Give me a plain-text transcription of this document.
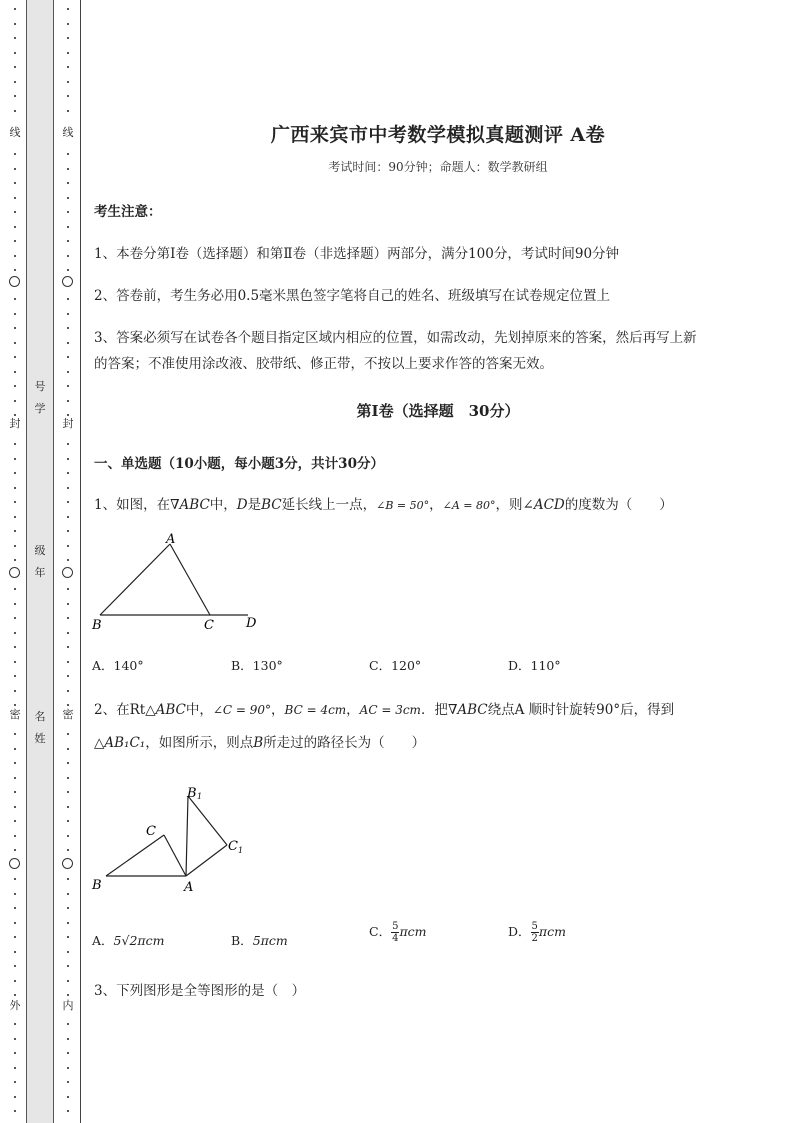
线
封
密
外
线
封
密
内
号学
级年
名姓
广西来宾市中考数学模拟真题测评 A卷
考试时间：90分钟；命题人：数学教研组
考生注意：
1、本卷分第I卷（选择题）和第Ⅱ卷（非选择题）两部分，满分100分，考试时间90分钟
2、答卷前，考生务必用0.5毫米黑色签字笔将自己的姓名、班级填写在试卷规定位置上
3、答案必须写在试卷各个题目指定区域内相应的位置，如需改动，先划掉原来的答案，然后再写上新
的答案；不准使用涂改液、胶带纸、修正带，不按以上要求作答的答案无效。
第I卷（选择题　30分）
一、单选题（10小题，每小题3分，共计30分）
1、如图，在∇ABC中，D是BC延长线上一点，∠B = 50°，∠A = 80°，则∠ACD的度数为（　　）
A
B	C D
A．140°	B．130°	C．120°	D．110°
2、在Rt△ABC中，∠C = 90°，BC = 4cm，AC = 3cm．把∇ABC绕点A 顺时针旋转90°后，得到
△AB₁C₁，如图所示，则点B所走过的路径长为（　　）
B
C
A
B 1
C 1
A．5√2πcm	B．5πcm
C． $\frac{5}{4}$ πcm	D． $\frac{5}{2}$ πcm
3、下列图形是全等图形的是（　）
